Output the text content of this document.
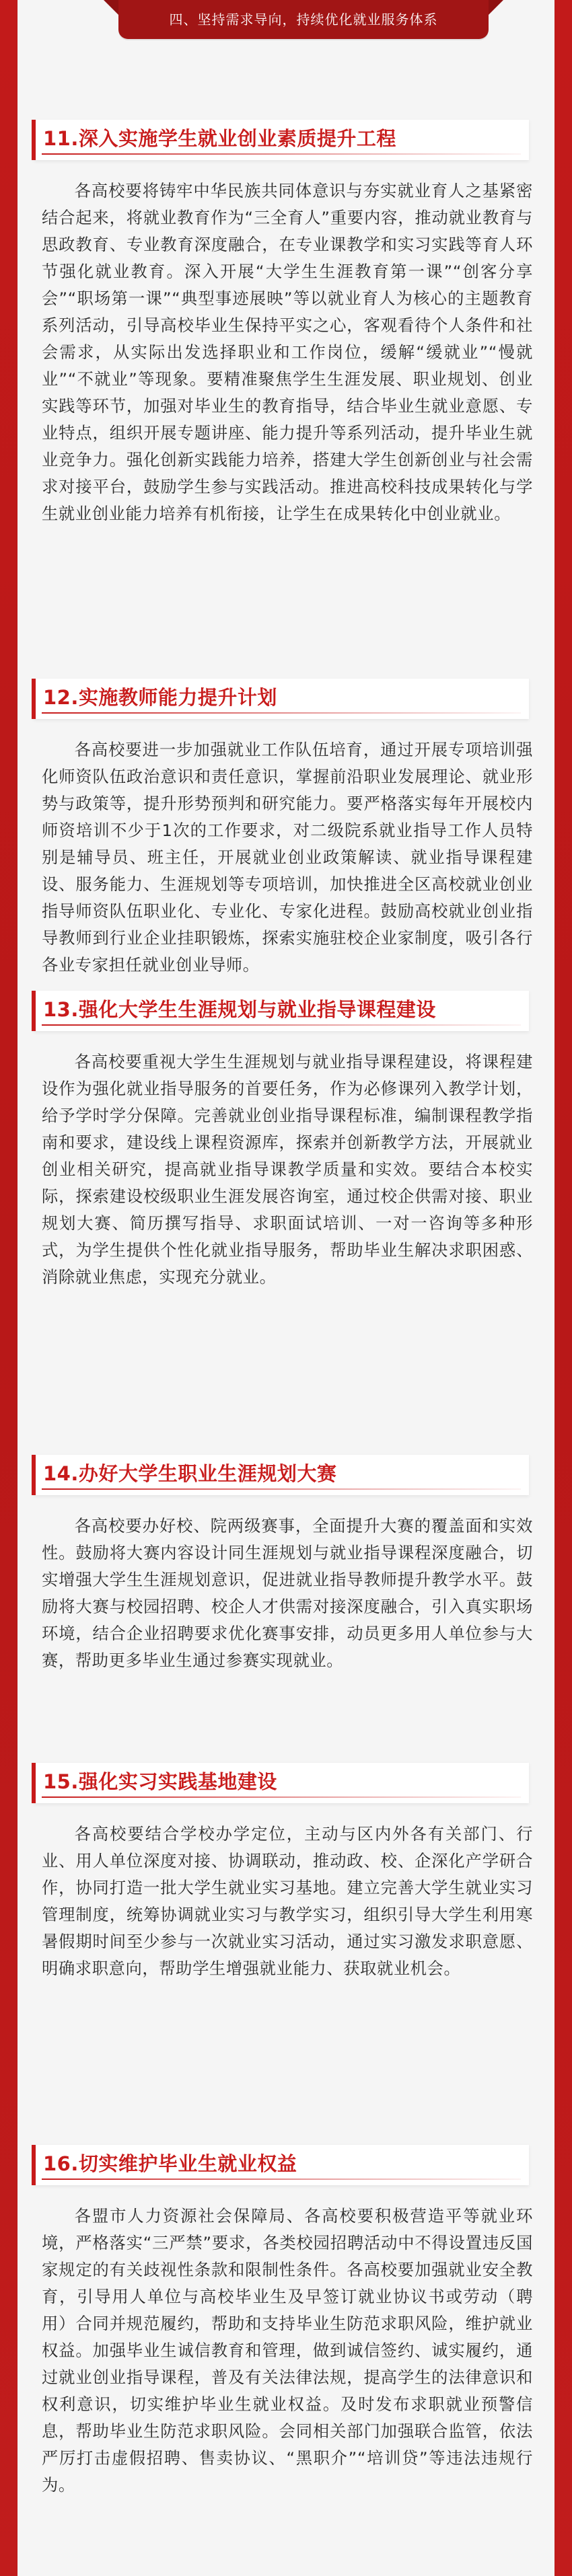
四、坚持需求导向，持续优化就业服务体系
11.深入实施学生就业创业素质提升工程

各高校要将铸牢中华民族共同体意识与夯实就业育人之基紧密结合起来，将就业教育作为“三全育人”重要内容，推动就业教育与思政教育、专业教育深度融合，在专业课教学和实习实践等育人环节强化就业教育。深入开展“大学生生涯教育第一课”“创客分享会”“职场第一课”“典型事迹展映”等以就业育人为核心的主题教育系列活动，引导高校毕业生保持平实之心，客观看待个人条件和社会需求，从实际出发选择职业和工作岗位，缓解“缓就业”“慢就业”“不就业”等现象。要精准聚焦学生生涯发展、职业规划、创业实践等环节，加强对毕业生的教育指导，结合毕业生就业意愿、专业特点，组织开展专题讲座、能力提升等系列活动，提升毕业生就业竞争力。强化创新实践能力培养，搭建大学生创新创业与社会需求对接平台，鼓励学生参与实践活动。推进高校科技成果转化与学生就业创业能力培养有机衔接，让学生在成果转化中创业就业。

12.实施教师能力提升计划

各高校要进一步加强就业工作队伍培育，通过开展专项培训强化师资队伍政治意识和责任意识，掌握前沿职业发展理论、就业形势与政策等，提升形势预判和研究能力。要严格落实每年开展校内师资培训不少于1次的工作要求，对二级院系就业指导工作人员特别是辅导员、班主任，开展就业创业政策解读、就业指导课程建设、服务能力、生涯规划等专项培训，加快推进全区高校就业创业指导师资队伍职业化、专业化、专家化进程。鼓励高校就业创业指导教师到行业企业挂职锻炼，探索实施驻校企业家制度，吸引各行各业专家担任就业创业导师。

13.强化大学生生涯规划与就业指导课程建设

各高校要重视大学生生涯规划与就业指导课程建设，将课程建设作为强化就业指导服务的首要任务，作为必修课列入教学计划，给予学时学分保障。完善就业创业指导课程标准，编制课程教学指南和要求，建设线上课程资源库，探索并创新教学方法，开展就业创业相关研究，提高就业指导课教学质量和实效。要结合本校实际，探索建设校级职业生涯发展咨询室，通过校企供需对接、职业规划大赛、简历撰写指导、求职面试培训、一对一咨询等多种形式，为学生提供个性化就业指导服务，帮助毕业生解决求职困惑、消除就业焦虑，实现充分就业。

14.办好大学生职业生涯规划大赛

各高校要办好校、院两级赛事，全面提升大赛的覆盖面和实效性。鼓励将大赛内容设计同生涯规划与就业指导课程深度融合，切实增强大学生生涯规划意识，促进就业指导教师提升教学水平。鼓励将大赛与校园招聘、校企人才供需对接深度融合，引入真实职场环境，结合企业招聘要求优化赛事安排，动员更多用人单位参与大赛，帮助更多毕业生通过参赛实现就业。

15.强化实习实践基地建设

各高校要结合学校办学定位，主动与区内外各有关部门、行业、用人单位深度对接、协调联动，推动政、校、企深化产学研合作，协同打造一批大学生就业实习基地。建立完善大学生就业实习管理制度，统筹协调就业实习与教学实习，组织引导大学生利用寒暑假期时间至少参与一次就业实习活动，通过实习激发求职意愿、明确求职意向，帮助学生增强就业能力、获取就业机会。

16.切实维护毕业生就业权益

各盟市人力资源社会保障局、各高校要积极营造平等就业环境，严格落实“三严禁”要求，各类校园招聘活动中不得设置违反国家规定的有关歧视性条款和限制性条件。各高校要加强就业安全教育，引导用人单位与高校毕业生及早签订就业协议书或劳动（聘用）合同并规范履约，帮助和支持毕业生防范求职风险，维护就业权益。加强毕业生诚信教育和管理，做到诚信签约、诚实履约，通过就业创业指导课程，普及有关法律法规，提高学生的法律意识和权利意识，切实维护毕业生就业权益。及时发布求职就业预警信息，帮助毕业生防范求职风险。会同相关部门加强联合监管，依法严厉打击虚假招聘、售卖协议、“黑职介”“培训贷”等违法违规行为。
